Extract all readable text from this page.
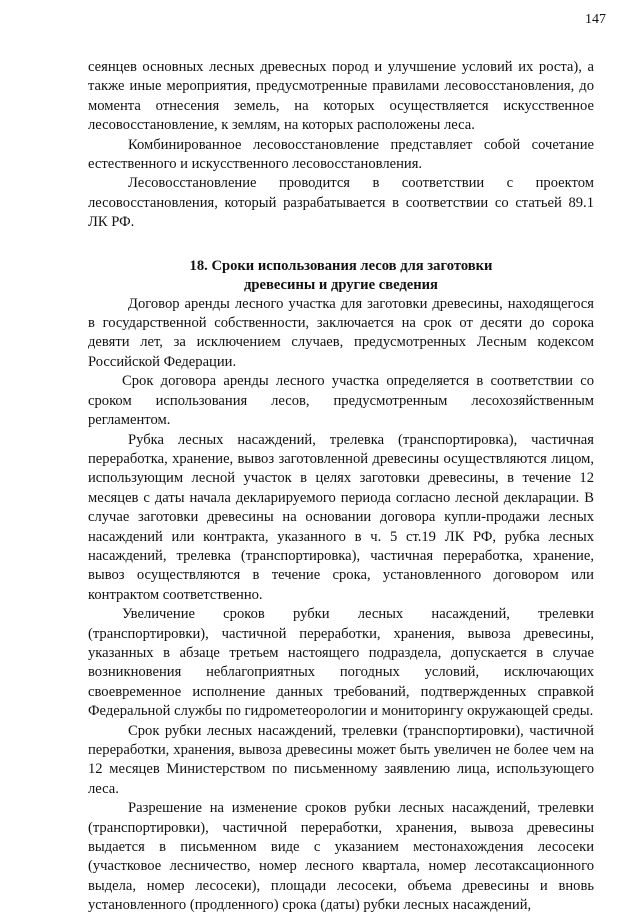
147

сеянцев основных лесных древесных пород и улучшение условий их роста), а также иные мероприятия, предусмотренные правилами лесовосстановления, до момента отнесения земель, на которых осуществляется искусственное лесовосстановление, к землям, на которых расположены леса.

Комбинированное лесовосстановление представляет собой сочетание естественного и искусственного лесовосстановления.

Лесовосстановление проводится в соответствии с проектом лесовосстановления, который разрабатывается в соответствии со статьей 89.1 ЛК РФ.

18. Сроки использования лесов для заготовки
древесины и другие сведения

Договор аренды лесного участка для заготовки древесины, находящегося в государственной собственности, заключается на срок от десяти до сорока девяти лет, за исключением случаев, предусмотренных Лесным кодексом Российской Федерации.

Срок договора аренды лесного участка определяется в соответствии со сроком использования лесов, предусмотренным лесохозяйственным регламентом.

Рубка лесных насаждений, трелевка (транспортировка), частичная переработка, хранение, вывоз заготовленной древесины осуществляются лицом, использующим лесной участок в целях заготовки древесины, в течение 12 месяцев с даты начала декларируемого периода согласно лесной декларации. В случае заготовки древесины на основании договора купли-продажи лесных насаждений или контракта, указанного в ч. 5 ст.19 ЛК РФ, рубка лесных насаждений, трелевка (транспортировка), частичная переработка, хранение, вывоз осуществляются в течение срока, установленного договором или контрактом соответственно.

Увеличение сроков рубки лесных насаждений, трелевки (транспортировки), частичной переработки, хранения, вывоза древесины, указанных в абзаце третьем настоящего подраздела, допускается в случае возникновения неблагоприятных погодных условий, исключающих своевременное исполнение данных требований, подтвержденных справкой Федеральной службы по гидрометеорологии и мониторингу окружающей среды.

Срок рубки лесных насаждений, трелевки (транспортировки), частичной переработки, хранения, вывоза древесины может быть увеличен не более чем на 12 месяцев Министерством по письменному заявлению лица, использующего леса.

Разрешение на изменение сроков рубки лесных насаждений, трелевки (транспортировки), частичной переработки, хранения, вывоза древесины выдается в письменном виде с указанием местонахождения лесосеки (участковое лесничество, номер лесного квартала, номер лесотаксационного выдела, номер лесосеки), площади лесосеки, объема древесины и вновь установленного (продленного) срока (даты) рубки лесных насаждений,
